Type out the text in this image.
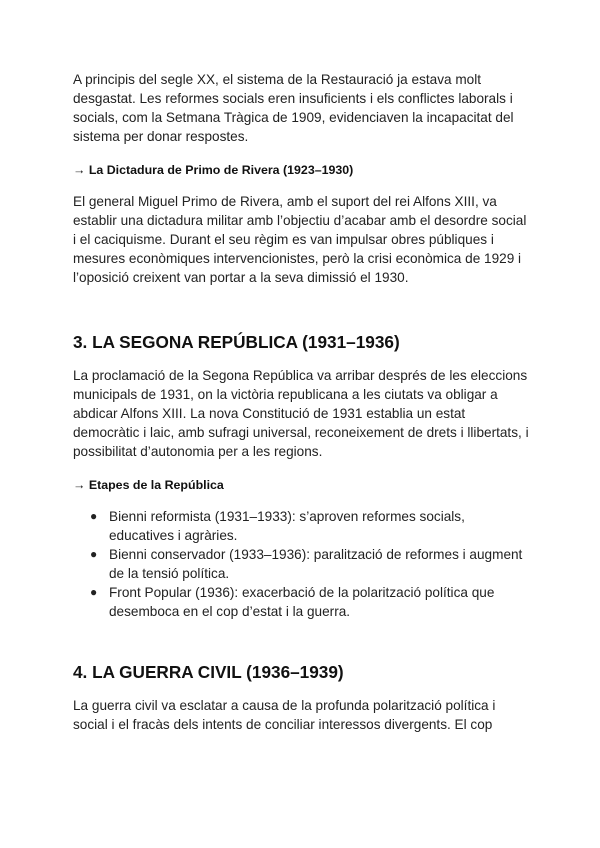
A principis del segle XX, el sistema de la Restauració ja estava molt desgastat. Les reformes socials eren insuficients i els conflictes laborals i socials, com la Setmana Tràgica de 1909, evidenciaven la incapacitat del sistema per donar respostes.

→ La Dictadura de Primo de Rivera (1923–1930)

El general Miguel Primo de Rivera, amb el suport del rei Alfons XIII, va establir una dictadura militar amb l’objectiu d’acabar amb el desordre social i el caciquisme. Durant el seu règim es van impulsar obres públiques i mesures econòmiques intervencionistes, però la crisi econòmica de 1929 i l’oposició creixent van portar a la seva dimissió el 1930.

3. LA SEGONA REPÚBLICA (1931–1936)

La proclamació de la Segona República va arribar després de les eleccions municipals de 1931, on la victòria republicana a les ciutats va obligar a abdicar Alfons XIII. La nova Constitució de 1931 establia un estat democràtic i laic, amb sufragi universal, reconeixement de drets i llibertats, i possibilitat d’autonomia per a les regions.

→ Etapes de la República
● Bienni reformista (1931–1933): s’aproven reformes socials, educatives i agràries.
● Bienni conservador (1933–1936): paralització de reformes i augment de la tensió política.
● Front Popular (1936): exacerbació de la polarització política que desemboca en el cop d’estat i la guerra.
4. LA GUERRA CIVIL (1936–1939)

La guerra civil va esclatar a causa de la profunda polarització política i social i el fracàs dels intents de conciliar interessos divergents. El cop
